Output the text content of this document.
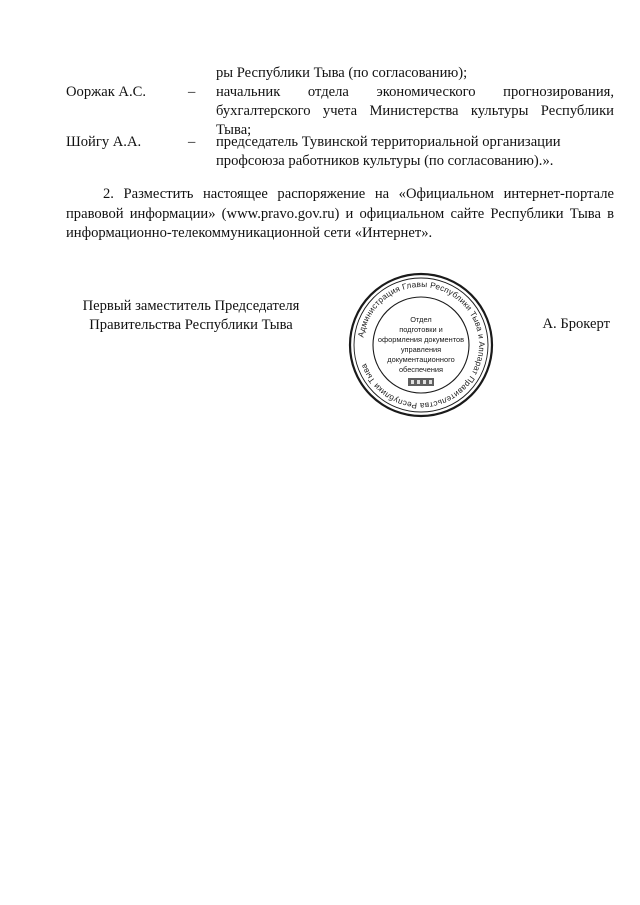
ры Республики Тыва (по согласованию);
Ооржак А.С.	– начальник отдела экономического прогнозирования, бухгалтерского учета Министерства культуры Республики Тыва;
Шойгу А.А.	– председатель Тувинской территориальной организации профсоюза работников культуры (по согласованию).».
2. Разместить настоящее распоряжение на «Официальном интернет-портале правовой информации» (www.pravo.gov.ru) и официальном сайте Республики Тыва в информационно-телекоммуникационной сети «Интернет».
Первый заместитель Председателя
Правительства Республики Тыва
Администрация Главы Республики Тыва и Аппарат Правительства Республики Тыва
Отдел
подготовки и
оформления документов
управления
документационного
обеспечения
А. Брокерт
